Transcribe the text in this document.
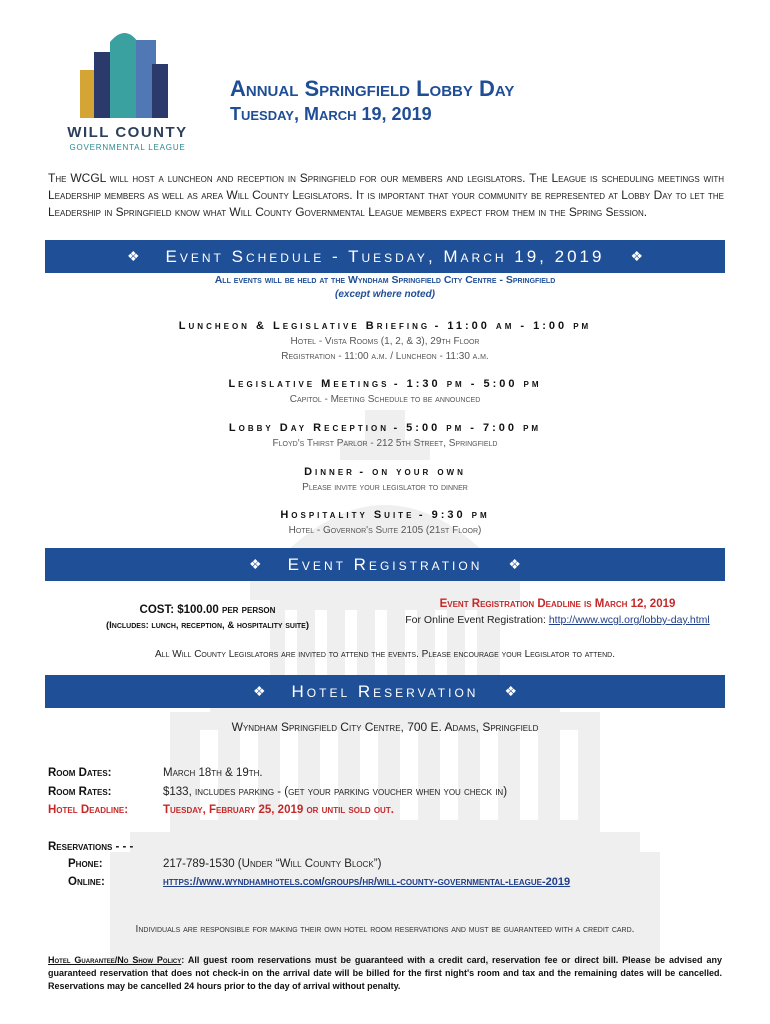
WILL COUNTY
GOVERNMENTAL LEAGUE
Annual Springfield Lobby Day
Tuesday, March 19, 2019
The WCGL will host a luncheon and reception in Springfield for our members and legislators. The League is scheduling meetings with Leadership members as well as area Will County Legislators. It is important that your community be represented at Lobby Day to let the Leadership in Springfield know what Will County Governmental League members expect from them in the Spring Session.
❖ Event Schedule - Tuesday, March 19, 2019 ❖
All events will be held at the Wyndham Springfield City Centre - Springfield
(except where noted)
Luncheon & Legislative Briefing - 11:00 am - 1:00 pm
Hotel - Vista Rooms (1, 2, & 3), 29th Floor
Registration - 11:00 a.m. / Luncheon - 11:30 a.m.
Legislative Meetings - 1:30 pm - 5:00 pm
Capitol - Meeting Schedule to be announced
Lobby Day Reception - 5:00 pm - 7:00 pm
Floyd's Thirst Parlor - 212 5th Street, Springfield
Dinner - on your own
Please invite your legislator to dinner
Hospitality Suite - 9:30 pm
Hotel - Governor's Suite 2105 (21st Floor)
❖ Event Registration ❖
COST: $100.00 per person
(Includes: lunch, reception, & hospitality suite)
Event Registration Deadline is March 12, 2019
For Online Event Registration: http://www.wcgl.org/lobby-day.html
All Will County Legislators are invited to attend the events. Please encourage your Legislator to attend.
❖ Hotel Reservation ❖
Wyndham Springfield City Centre, 700 E. Adams, Springfield
Room Dates:	March 18th & 19th.
Room Rates:	$133, includes parking - (get your parking voucher when you check in)
Hotel Deadline:	Tuesday, February 25, 2019 or until sold out.
Reservations - - -
Phone:	217-789-1530 (Under “Will County Block”)
Online:	https://www.wyndhamhotels.com/groups/hr/will-county-governmental-league-2019
Individuals are responsible for making their own hotel room reservations and must be guaranteed with a credit card.
Hotel Guarantee/No Show Policy: All guest room reservations must be guaranteed with a credit card, reservation fee or direct bill. Please be advised any guaranteed reservation that does not check-in on the arrival date will be billed for the first night's room and tax and the remaining dates will be cancelled. Reservations may be cancelled 24 hours prior to the day of arrival without penalty.
